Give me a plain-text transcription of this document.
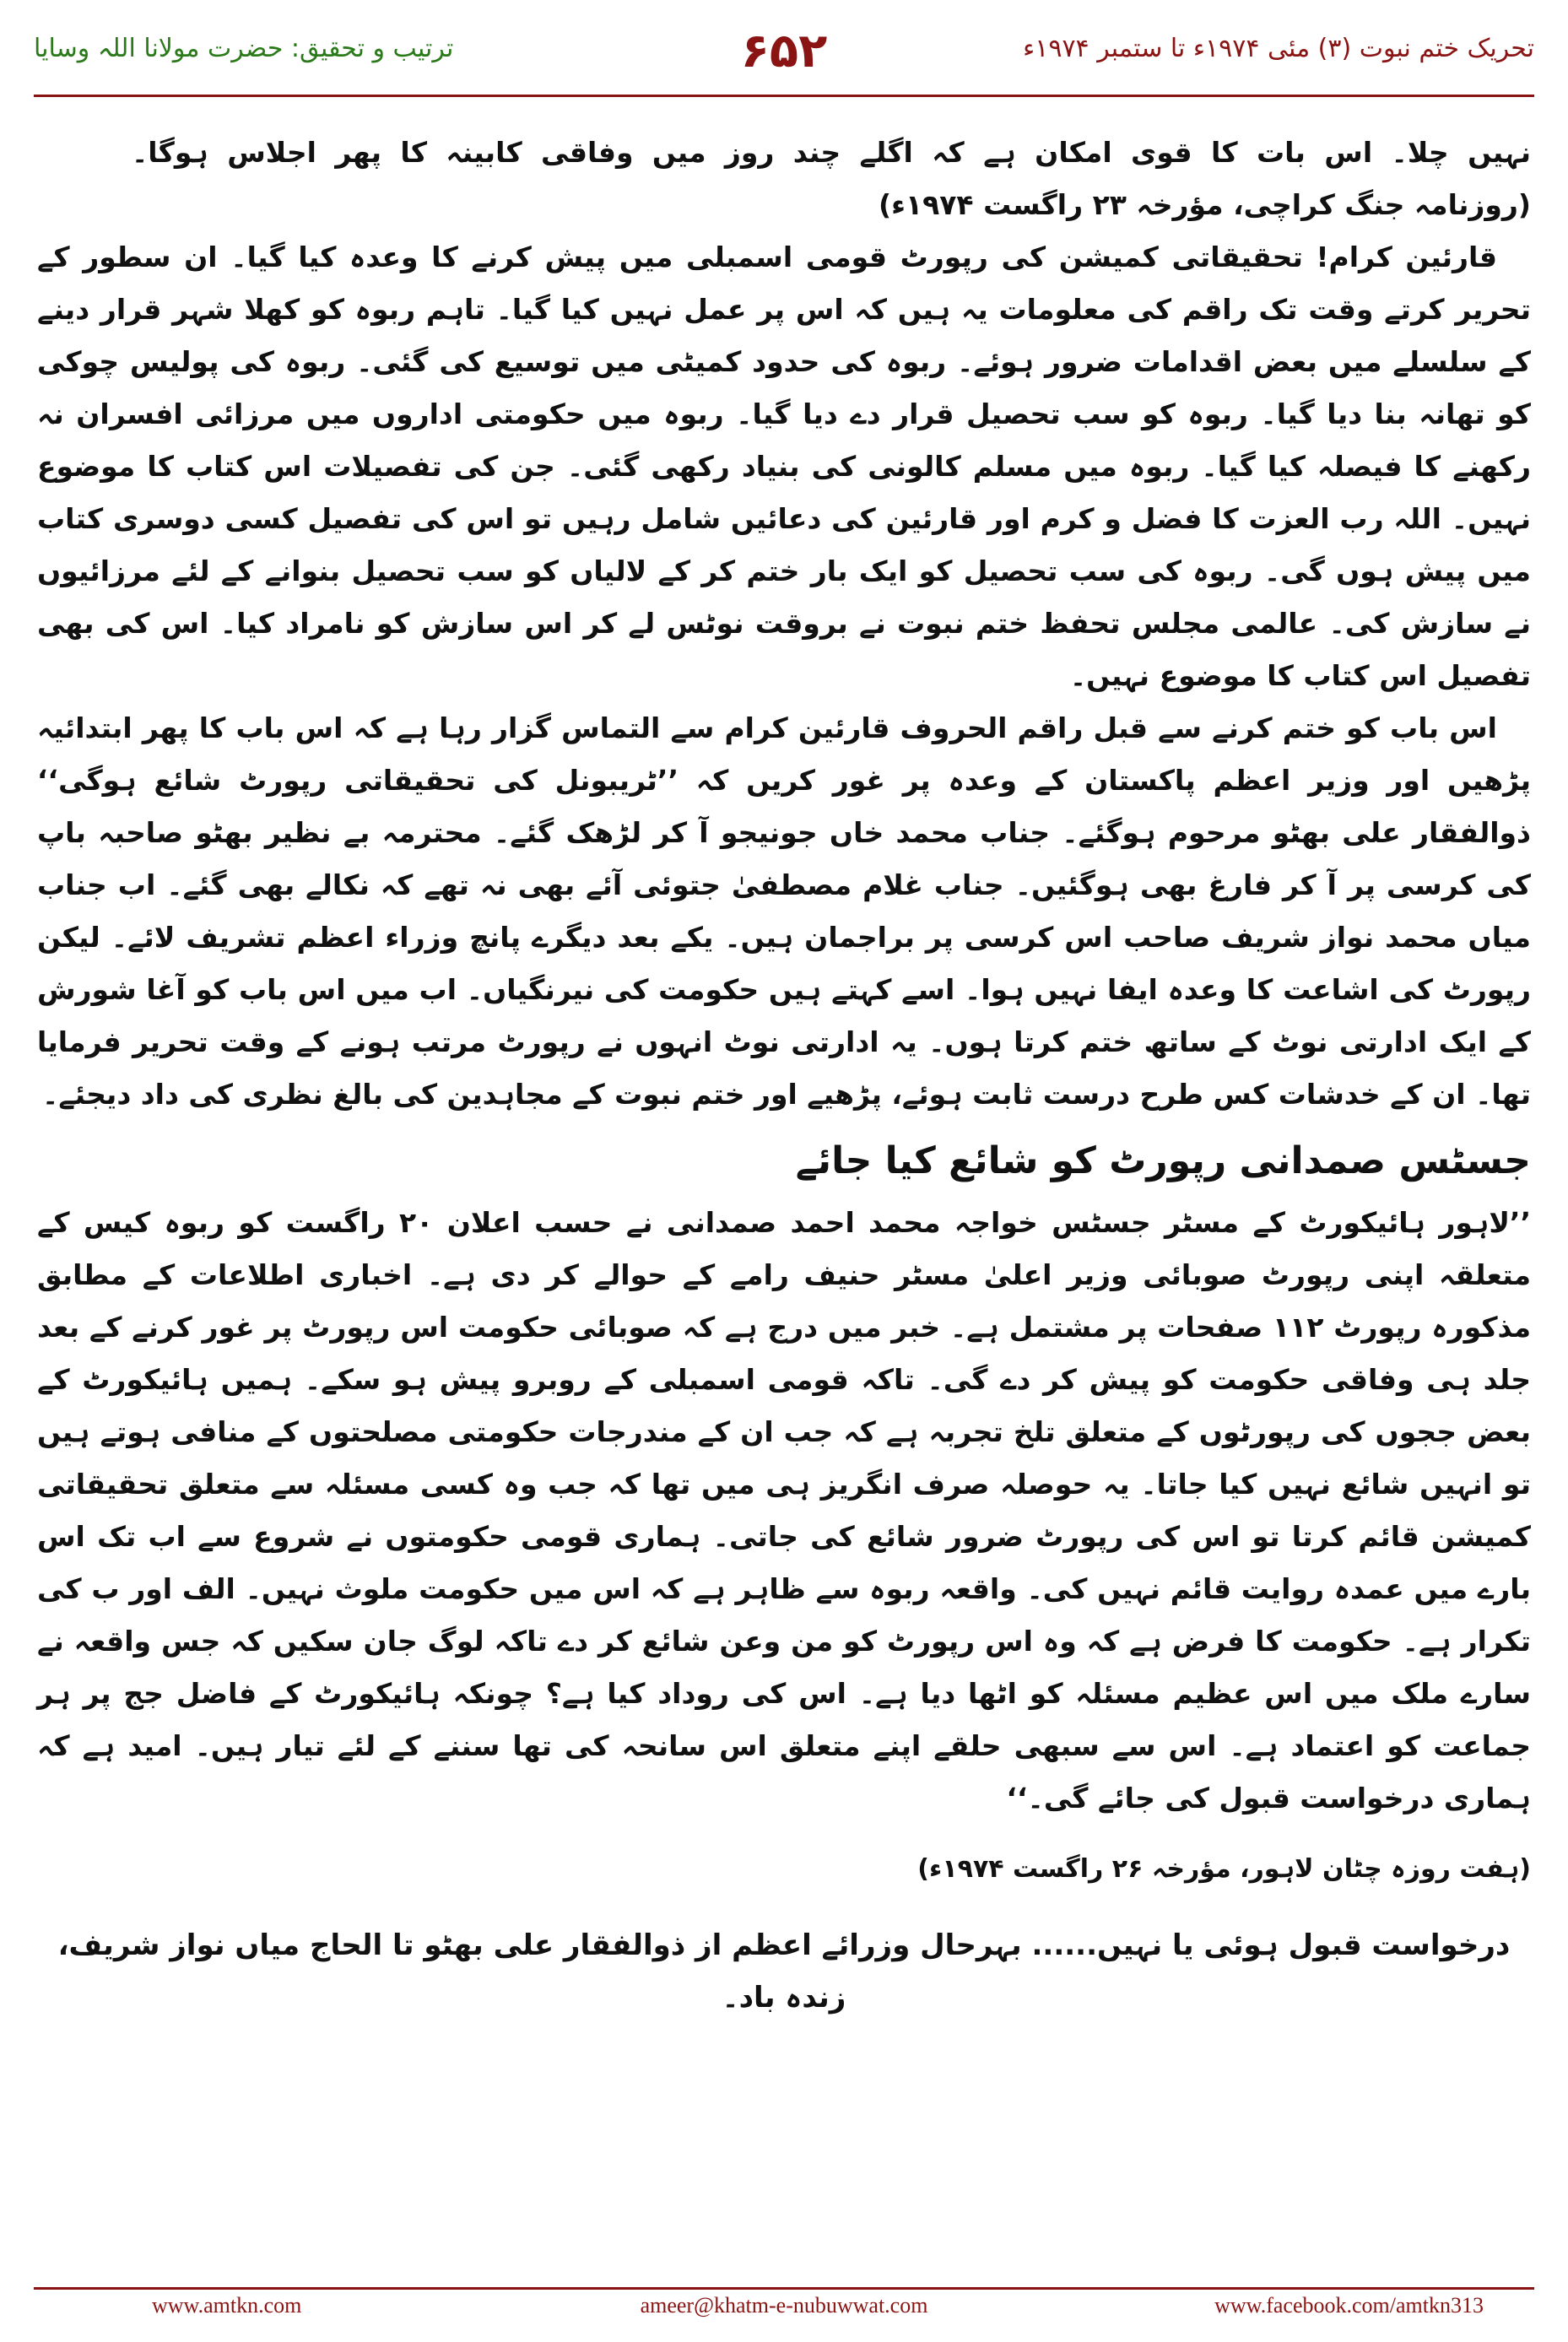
ترتیب و تحقیق: حضرت مولانا اللہ وسایا	۶۵۲	تحریک ختم نبوت (۳) مئی ۱۹۷۴ء تا ستمبر ۱۹۷۴ء

نہیں چلا۔ اس بات کا قوی امکان ہے کہ اگلے چند روز میں وفاقی کابینہ کا پھر اجلاس ہوگا۔      (روزنامہ جنگ کراچی، مؤرخہ ۲۳ راگست ۱۹۷۴ء)

قارئین کرام! تحقیقاتی کمیشن کی رپورٹ قومی اسمبلی میں پیش کرنے کا وعدہ کیا گیا۔ ان سطور کے تحریر کرتے وقت تک راقم کی معلومات یہ ہیں کہ اس پر عمل نہیں کیا گیا۔ تاہم ربوہ کو کھلا شہر قرار دینے کے سلسلے میں بعض اقدامات ضرور ہوئے۔ ربوہ کی حدود کمیٹی میں توسیع کی گئی۔ ربوہ کی پولیس چوکی کو تھانہ بنا دیا گیا۔ ربوہ کو سب تحصیل قرار دے دیا گیا۔ ربوہ میں حکومتی اداروں میں مرزائی افسران نہ رکھنے کا فیصلہ کیا گیا۔ ربوہ میں مسلم کالونی کی بنیاد رکھی گئی۔ جن کی تفصیلات اس کتاب کا موضوع نہیں۔ اللہ رب العزت کا فضل و کرم اور قارئین کی دعائیں شامل رہیں تو اس کی تفصیل کسی دوسری کتاب میں پیش ہوں گی۔ ربوہ کی سب تحصیل کو ایک بار ختم کر کے لالیاں کو سب تحصیل بنوانے کے لئے مرزائیوں نے سازش کی۔ عالمی مجلس تحفظ ختم نبوت نے بروقت نوٹس لے کر اس سازش کو نامراد کیا۔ اس کی بھی تفصیل اس کتاب کا موضوع نہیں۔

اس باب کو ختم کرنے سے قبل راقم الحروف قارئین کرام سے التماس گزار رہا ہے کہ اس باب کا پھر ابتدائیہ پڑھیں اور وزیر اعظم پاکستان کے وعدہ پر غور کریں کہ ’’ٹریبونل کی تحقیقاتی رپورٹ شائع ہوگی‘‘ ذوالفقار علی بھٹو مرحوم ہوگئے۔ جناب محمد خاں جونیجو آ کر لڑھک گئے۔ محترمہ بے نظیر بھٹو صاحبہ باپ کی کرسی پر آ کر فارغ بھی ہوگئیں۔ جناب غلام مصطفیٰ جتوئی آئے بھی نہ تھے کہ نکالے بھی گئے۔ اب جناب میاں محمد نواز شریف صاحب اس کرسی پر براجمان ہیں۔ یکے بعد دیگرے پانچ وزراء اعظم تشریف لائے۔ لیکن رپورٹ کی اشاعت کا وعدہ ایفا نہیں ہوا۔ اسے کہتے ہیں حکومت کی نیرنگیاں۔ اب میں اس باب کو آغا شورش کے ایک ادارتی نوٹ کے ساتھ ختم کرتا ہوں۔ یہ ادارتی نوٹ انہوں نے رپورٹ مرتب ہونے کے وقت تحریر فرمایا تھا۔ ان کے خدشات کس طرح درست ثابت ہوئے، پڑھیے اور ختم نبوت کے مجاہدین کی بالغ نظری کی داد دیجئے۔

جسٹس صمدانی رپورٹ کو شائع کیا جائے

’’لاہور ہائیکورٹ کے مسٹر جسٹس خواجہ محمد احمد صمدانی نے حسب اعلان ۲۰ راگست کو ربوہ کیس کے متعلقہ اپنی رپورٹ صوبائی وزیر اعلیٰ مسٹر حنیف رامے کے حوالے کر دی ہے۔ اخباری اطلاعات کے مطابق مذکورہ رپورٹ ۱۱۲ صفحات پر مشتمل ہے۔ خبر میں درج ہے کہ صوبائی حکومت اس رپورٹ پر غور کرنے کے بعد جلد ہی وفاقی حکومت کو پیش کر دے گی۔ تاکہ قومی اسمبلی کے روبرو پیش ہو سکے۔ ہمیں ہائیکورٹ کے بعض ججوں کی رپورٹوں کے متعلق تلخ تجربہ ہے کہ جب ان کے مندرجات حکومتی مصلحتوں کے منافی ہوتے ہیں تو انہیں شائع نہیں کیا جاتا۔ یہ حوصلہ صرف انگریز ہی میں تھا کہ جب وہ کسی مسئلہ سے متعلق تحقیقاتی کمیشن قائم کرتا تو اس کی رپورٹ ضرور شائع کی جاتی۔ ہماری قومی حکومتوں نے شروع سے اب تک اس بارے میں عمدہ روایت قائم نہیں کی۔ واقعہ ربوہ سے ظاہر ہے کہ اس میں حکومت ملوث نہیں۔ الف اور ب کی تکرار ہے۔ حکومت کا فرض ہے کہ وہ اس رپورٹ کو من وعن شائع کر دے تاکہ لوگ جان سکیں کہ جس واقعہ نے سارے ملک میں اس عظیم مسئلہ کو اٹھا دیا ہے۔ اس کی روداد کیا ہے؟ چونکہ ہائیکورٹ کے فاضل جج پر ہر جماعت کو اعتماد ہے۔ اس سے سبھی حلقے اپنے متعلق اس سانحہ کی تھا سننے کے لئے تیار ہیں۔ امید ہے کہ ہماری درخواست قبول کی جائے گی۔‘‘

(ہفت روزہ چٹان لاہور، مؤرخہ ۲۶ راگست ۱۹۷۴ء)
درخواست قبول ہوئی یا نہیں...... بہرحال وزرائے اعظم از ذوالفقار علی بھٹو تا الحاج میاں نواز شریف، زندہ باد۔
www.amtkn.com	ameer@khatm-e-nubuwwat.com	www.facebook.com/amtkn313
